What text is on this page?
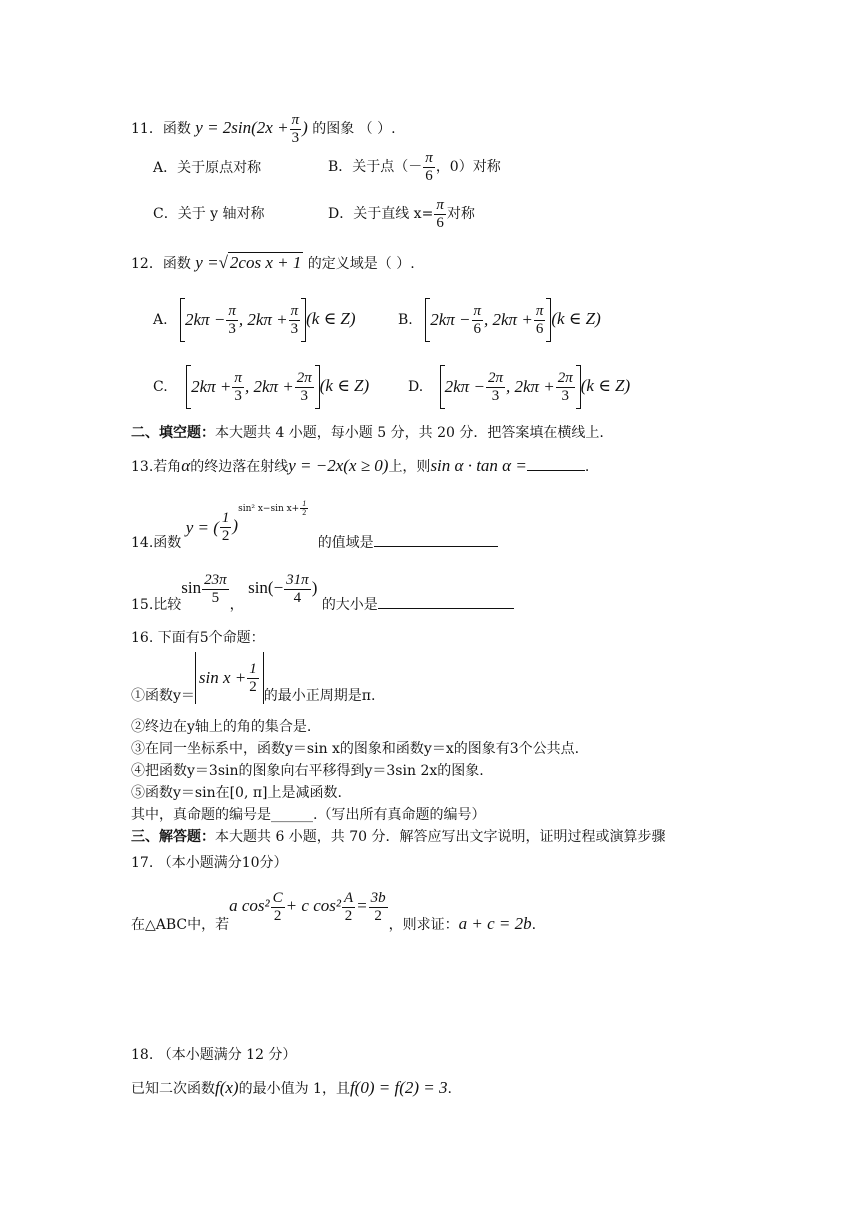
11．函数 $y = 2\sin(2x + \frac{\pi}{3}$ ) 的图象 （ ）.
A．关于原点对称	B．关于点（－ $\frac{\pi}{6}$ ，0）对称
C．关于 y 轴对称	D．关于直线 $x= \frac{\pi}{6}$ 对称
12．函数 y =√ 2cos x + 1 的定义域是（ ）.
A. $2k\pi - \frac{\pi}{3}$ , $2k\pi + \frac{\pi}{3} (k$ ∈ Z)	B. $2k\pi - \frac{\pi}{6}$ , $2k\pi + \frac{\pi}{6} (k$ ∈ Z)
C. $2k\pi + \frac{\pi}{3}$ , $2k\pi + \frac{2\pi}{3} (k$ ∈ Z)	D. $2k\pi - \frac{2\pi}{3}$ , $2k\pi + \frac{2\pi}{3} (k$ ∈ Z)
二、填空题：本大题共 4 小题，每小题 5 分，共 20 分．把答案填在横线上.
13.若角α的终边落在射线y = −2x(x ≥ 0)上，则sin α · tan α =	.
14.函数 y = ( $\frac{1}{2} )^{sin^2 x-sin x+ \frac{1}{2}}$
的值域是
15.比较$\sin \frac{23\pi}{5}$ ， $\sin(- \frac{31\pi}{4}$ ) 的大小是
16. 下面有5个命题：
①函数y＝
$\sin x + \frac{1}{2}$
的最小正周期是π.
②终边在y轴上的角的集合是.
③在同一坐标系中，函数y＝sin x的图象和函数y＝x的图象有3个公共点.
④把函数y＝3sin的图象向右平移得到y＝3sin 2x的图象.
⑤函数y＝sin在[0, π]上是减函数.
其中，真命题的编号是______.（写出所有真命题的编号）
三、解答题：本大题共 6 小题，共 70 分．解答应写出文字说明，证明过程或演算步骤
17. （本小题满分10分）
在△ABC中，若a $\cos^2 \frac{C}{2} + c$ $\cos^2 \frac{A}{2} = \frac{3b}{2}$
，则求证：a + c = 2b.
18. （本小题满分 12 分）
已知二次函数f(x)的最小值为 1，且f(0) = f(2) = 3.
